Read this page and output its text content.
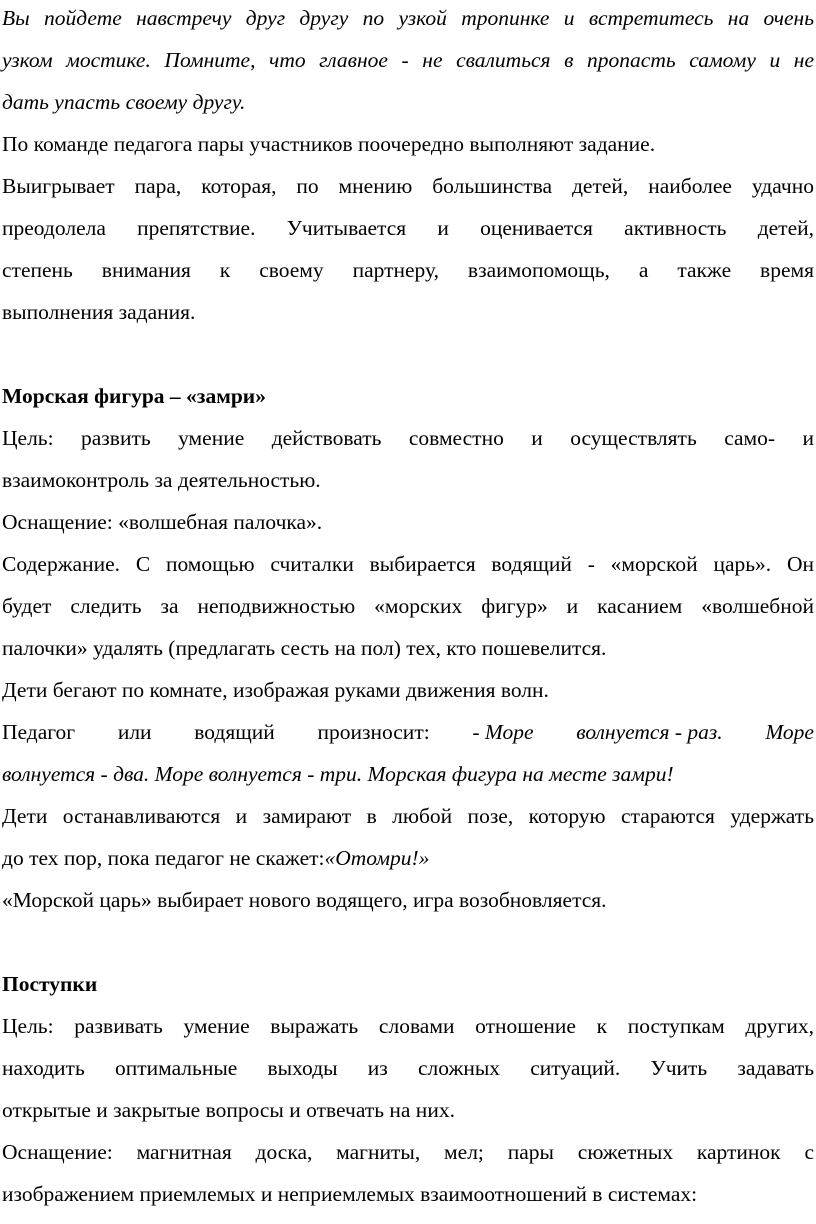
Вы пойдете навстречу друг другу по узкой тропинке и встретитесь на очень
узком мостике. Помните, что главное - не свалиться в пропасть самому и не
дать упасть своему другу.
По команде педагога пары участников поочередно выполняют задание.
Выигрывает пара, которая, по мнению большинства детей, наиболее удачно
преодолела препятствие. Учитывается и оценивается активность детей,
степень внимания к своему партнеру, взаимопомощь, а также время
выполнения задания.
Морская фигура – «замри»
Цель: развить умение действовать совместно и осуществлять само- и
взаимоконтроль за деятельностью.
Оснащение: «волшебная палочка».
Содержание. С помощью считалки выбирается водящий - «морской царь». Он
будет следить за неподвижностью «морских фигур» и касанием «волшебной
палочки» удалять (предлагать сесть на пол) тех, кто пошевелится.
Дети бегают по комнате, изображая руками движения волн.
Педагог или водящий произносит: - Море волнуется - раз. Море
волнуется - два. Море волнуется - три. Морская фигура на месте замри!
Дети останавливаются и замирают в любой позе, которую стараются удержать
до тех пор, пока педагог не скажет:«Отомри!»
«Морской царь» выбирает нового водящего, игра возобновляется.
Поступки
Цель: развивать умение выражать словами отношение к поступкам других,
находить оптимальные выходы из сложных ситуаций. Учить задавать
открытые и закрытые вопросы и отвечать на них.
Оснащение: магнитная доска, магниты, мел; пары сюжетных картинок с
изображением приемлемых и неприемлемых взаимоотношений в системах:
